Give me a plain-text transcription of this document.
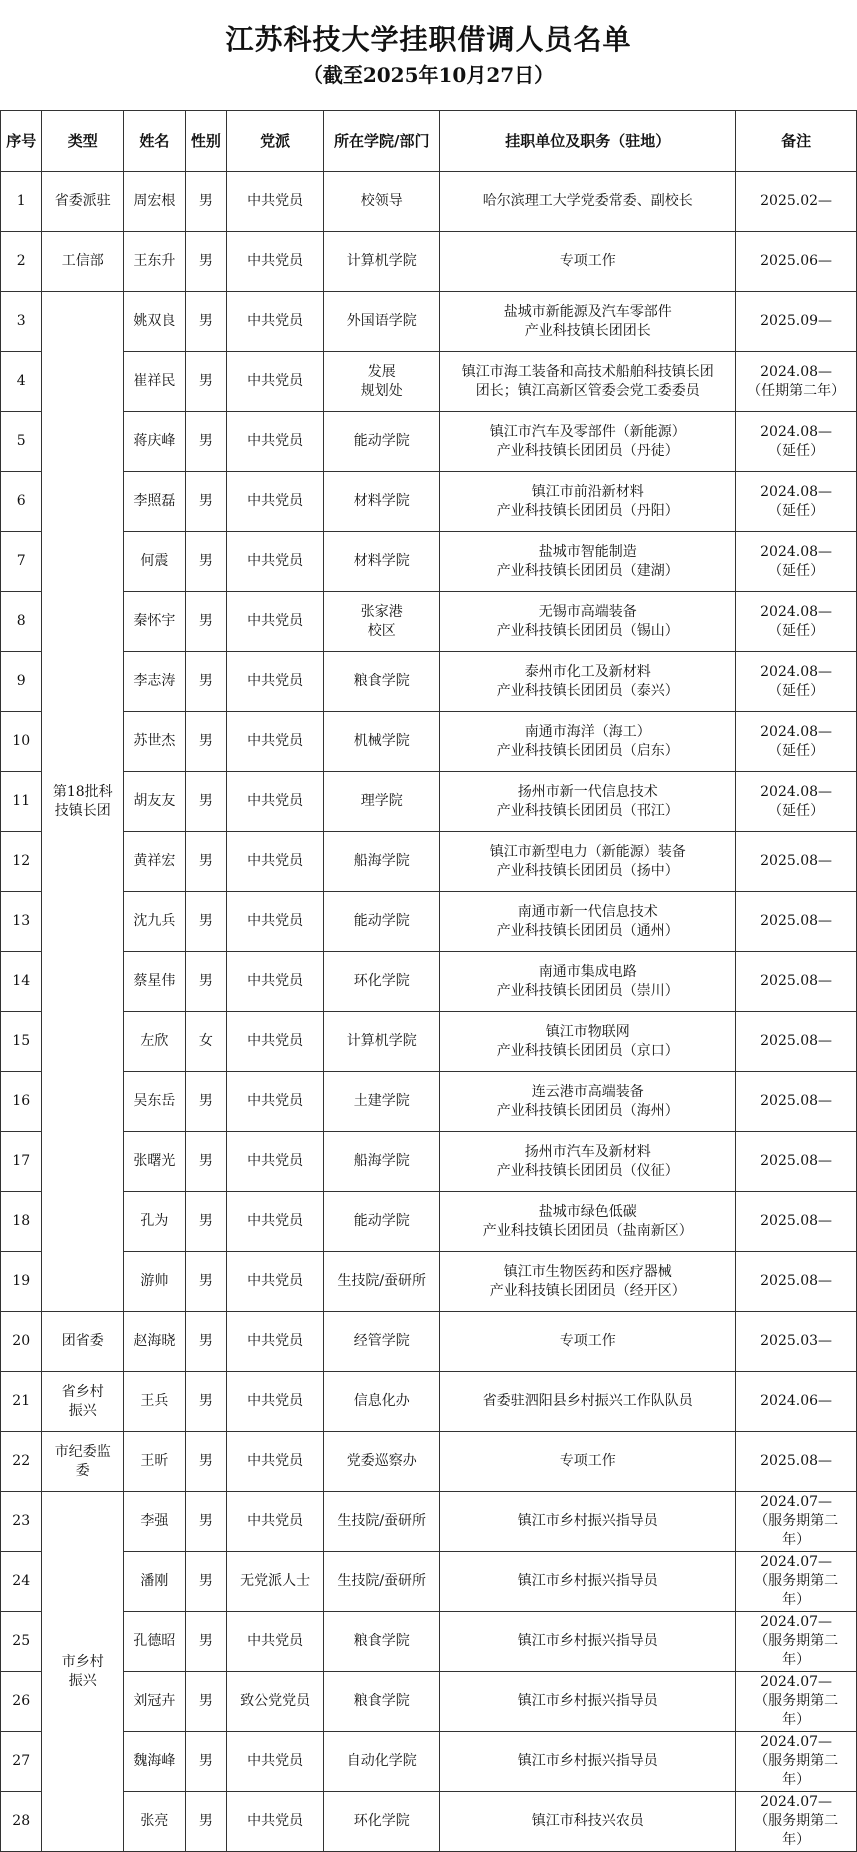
江苏科技大学挂职借调人员名单
（截至2025年10月27日）
序号	类型	姓名	性别	党派	所在学院/部门	挂职单位及职务（驻地）	备注
1	省委派驻	周宏根	男	中共党员	校领导	哈尔滨理工大学党委常委、副校长	2025.02—
2	工信部	王东升	男	中共党员	计算机学院	专项工作	2025.06—
3	第18批科
技镇长团	姚双良	男	中共党员	外国语学院	盐城市新能源及汽车零部件
产业科技镇长团团长	2025.09—
4		崔祥民	男	中共党员	发展
规划处	镇江市海工装备和高技术船舶科技镇长团
团长；镇江高新区管委会党工委委员	2024.08—
（任期第二年）
5		蒋庆峰	男	中共党员	能动学院	镇江市汽车及零部件（新能源）
产业科技镇长团团员（丹徒）	2024.08—
（延任）
6		李照磊	男	中共党员	材料学院	镇江市前沿新材料
产业科技镇长团团员（丹阳）	2024.08—
（延任）
7		何震	男	中共党员	材料学院	盐城市智能制造
产业科技镇长团团员（建湖）	2024.08—
（延任）
8		秦怀宇	男	中共党员	张家港
校区	无锡市高端装备
产业科技镇长团团员（锡山）	2024.08—
（延任）
9		李志涛	男	中共党员	粮食学院	泰州市化工及新材料
产业科技镇长团团员（泰兴）	2024.08—
（延任）
10		苏世杰	男	中共党员	机械学院	南通市海洋（海工）
产业科技镇长团团员（启东）	2024.08—
（延任）
11		胡友友	男	中共党员	理学院	扬州市新一代信息技术
产业科技镇长团团员（邗江）	2024.08—
（延任）
12		黄祥宏	男	中共党员	船海学院	镇江市新型电力（新能源）装备
产业科技镇长团团员（扬中）	2025.08—
13		沈九兵	男	中共党员	能动学院	南通市新一代信息技术
产业科技镇长团团员（通州）	2025.08—
14		蔡星伟	男	中共党员	环化学院	南通市集成电路
产业科技镇长团团员（崇川）	2025.08—
15		左欣	女	中共党员	计算机学院	镇江市物联网
产业科技镇长团团员（京口）	2025.08—
16		吴东岳	男	中共党员	土建学院	连云港市高端装备
产业科技镇长团团员（海州）	2025.08—
17		张曙光	男	中共党员	船海学院	扬州市汽车及新材料
产业科技镇长团团员（仪征）	2025.08—
18		孔为	男	中共党员	能动学院	盐城市绿色低碳
产业科技镇长团团员（盐南新区）	2025.08—
19		游帅	男	中共党员	生技院/蚕研所	镇江市生物医药和医疗器械
产业科技镇长团团员（经开区）	2025.08—
20	团省委	赵海晓	男	中共党员	经管学院	专项工作	2025.03—
21	省乡村
振兴	王兵	男	中共党员	信息化办	省委驻泗阳县乡村振兴工作队队员	2024.06—
22	市纪委监
委	王昕	男	中共党员	党委巡察办	专项工作	2025.08—
23	市乡村
振兴	李强	男	中共党员	生技院/蚕研所	镇江市乡村振兴指导员	2024.07—
（服务期第二
年）
24		潘刚	男	无党派人士	生技院/蚕研所	镇江市乡村振兴指导员	2024.07—
（服务期第二
年）
25		孔德昭	男	中共党员	粮食学院	镇江市乡村振兴指导员	2024.07—
（服务期第二
年）
26		刘冠卉	男	致公党党员	粮食学院	镇江市乡村振兴指导员	2024.07—
（服务期第二
年）
27		魏海峰	男	中共党员	自动化学院	镇江市乡村振兴指导员	2024.07—
（服务期第二
年）
28		张亮	男	中共党员	环化学院	镇江市科技兴农员	2024.07—
（服务期第二
年）
